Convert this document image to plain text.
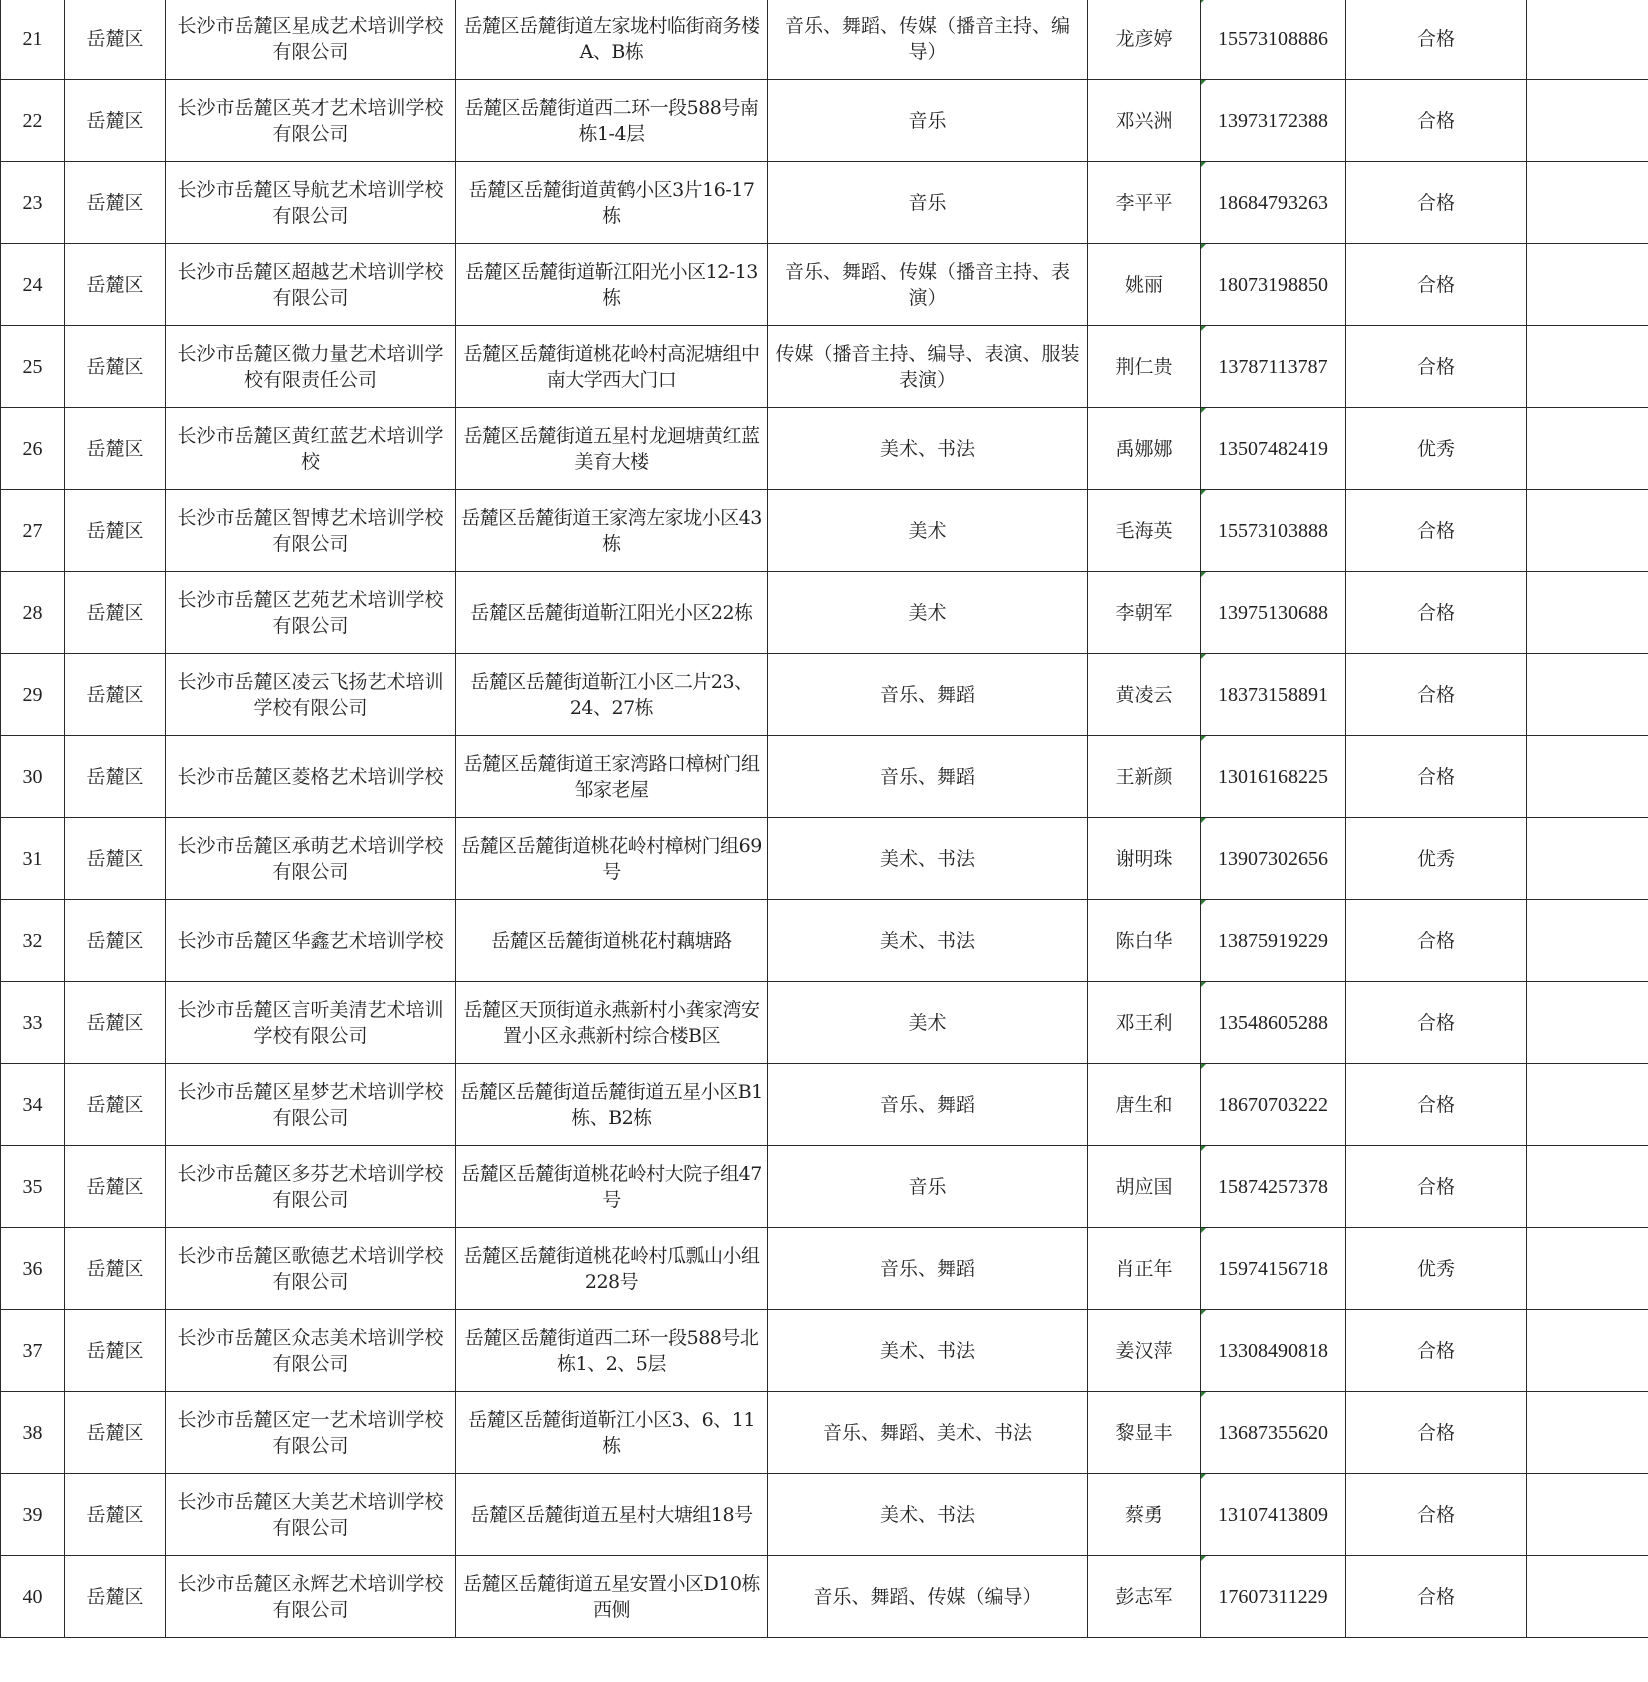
21	岳麓区	长沙市岳麓区星成艺术培训学校有限公司	岳麓区岳麓街道左家垅村临街商务楼A、B栋	音乐、舞蹈、传媒（播音主持、编导）	龙彦婷	15573108886	合格	
22	岳麓区	长沙市岳麓区英才艺术培训学校有限公司	岳麓区岳麓街道西二环一段588号南栋1-4层	音乐	邓兴洲	13973172388	合格	
23	岳麓区	长沙市岳麓区导航艺术培训学校有限公司	岳麓区岳麓街道黄鹤小区3片16-17栋	音乐	李平平	18684793263	合格	
24	岳麓区	长沙市岳麓区超越艺术培训学校有限公司	岳麓区岳麓街道靳江阳光小区12-13栋	音乐、舞蹈、传媒（播音主持、表演）	姚丽	18073198850	合格	
25	岳麓区	长沙市岳麓区微力量艺术培训学校有限责任公司	岳麓区岳麓街道桃花岭村高泥塘组中南大学西大门口	传媒（播音主持、编导、表演、服装表演）	荆仁贵	13787113787	合格	
26	岳麓区	长沙市岳麓区黄红蓝艺术培训学校	岳麓区岳麓街道五星村龙迴塘黄红蓝美育大楼	美术、书法	禹娜娜	13507482419	优秀	
27	岳麓区	长沙市岳麓区智博艺术培训学校有限公司	岳麓区岳麓街道王家湾左家垅小区43栋	美术	毛海英	15573103888	合格	
28	岳麓区	长沙市岳麓区艺苑艺术培训学校有限公司	岳麓区岳麓街道靳江阳光小区22栋	美术	李朝军	13975130688	合格	
29	岳麓区	长沙市岳麓区凌云飞扬艺术培训学校有限公司	岳麓区岳麓街道靳江小区二片23、24、27栋	音乐、舞蹈	黄凌云	18373158891	合格	
30	岳麓区	长沙市岳麓区菱格艺术培训学校	岳麓区岳麓街道王家湾路口樟树门组邹家老屋	音乐、舞蹈	王新颜	13016168225	合格	
31	岳麓区	长沙市岳麓区承萌艺术培训学校有限公司	岳麓区岳麓街道桃花岭村樟树门组69号	美术、书法	谢明珠	13907302656	优秀	
32	岳麓区	长沙市岳麓区华鑫艺术培训学校	岳麓区岳麓街道桃花村藕塘路	美术、书法	陈白华	13875919229	合格	
33	岳麓区	长沙市岳麓区言听美清艺术培训学校有限公司	岳麓区天顶街道永燕新村小龚家湾安置小区永燕新村综合楼B区	美术	邓王利	13548605288	合格	
34	岳麓区	长沙市岳麓区星梦艺术培训学校有限公司	岳麓区岳麓街道岳麓街道五星小区B1栋、B2栋	音乐、舞蹈	唐生和	18670703222	合格	
35	岳麓区	长沙市岳麓区多芬艺术培训学校有限公司	岳麓区岳麓街道桃花岭村大院子组47号	音乐	胡应国	15874257378	合格	
36	岳麓区	长沙市岳麓区歌德艺术培训学校有限公司	岳麓区岳麓街道桃花岭村瓜瓢山小组228号	音乐、舞蹈	肖正年	15974156718	优秀	
37	岳麓区	长沙市岳麓区众志美术培训学校有限公司	岳麓区岳麓街道西二环一段588号北栋1、2、5层	美术、书法	姜汉萍	13308490818	合格	
38	岳麓区	长沙市岳麓区定一艺术培训学校有限公司	岳麓区岳麓街道靳江小区3、6、11栋	音乐、舞蹈、美术、书法	黎显丰	13687355620	合格	
39	岳麓区	长沙市岳麓区大美艺术培训学校有限公司	岳麓区岳麓街道五星村大塘组18号	美术、书法	蔡勇	13107413809	合格	
40	岳麓区	长沙市岳麓区永辉艺术培训学校有限公司	岳麓区岳麓街道五星安置小区D10栋西侧	音乐、舞蹈、传媒（编导）	彭志军	17607311229	合格	
